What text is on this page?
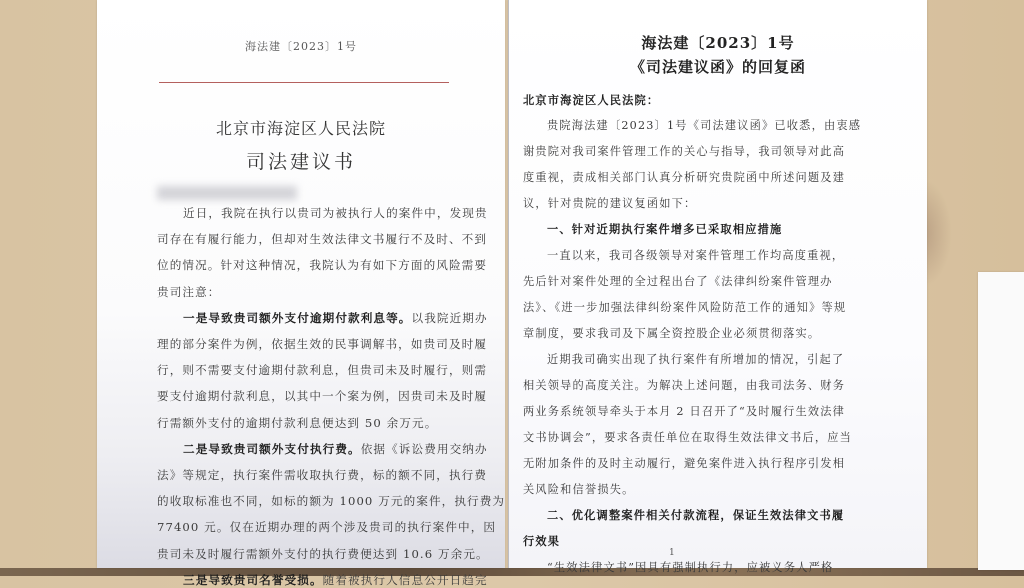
海法建〔2023〕1号
北京市海淀区人民法院
司法建议书
近日，我院在执行以贵司为被执行人的案件中，发现贵
司存在有履行能力，但却对生效法律文书履行不及时、不到
位的情况。针对这种情况，我院认为有如下方面的风险需要
贵司注意：
一是导致贵司额外支付逾期付款利息等。以我院近期办
理的部分案件为例，依据生效的民事调解书，如贵司及时履
行，则不需要支付逾期付款利息，但贵司未及时履行，则需
要支付逾期付款利息，以其中一个案为例，因贵司未及时履
行需额外支付的逾期付款利息便达到 50 余万元。
二是导致贵司额外支付执行费。依据《诉讼费用交纳办
法》等规定，执行案件需收取执行费，标的额不同，执行费
的收取标准也不同，如标的额为 1000 万元的案件，执行费为
77400 元。仅在近期办理的两个涉及贵司的执行案件中，因
贵司未及时履行需额外支付的执行费便达到 10.6 万余元。
三是导致贵司名誉受损。随着被执行人信息公开日趋完
海法建〔2023〕1号
《司法建议函》的回复函
北京市海淀区人民法院：
贵院海法建〔2023〕1号《司法建议函》已收悉，由衷感
谢贵院对我司案件管理工作的关心与指导，我司领导对此高
度重视，责成相关部门认真分析研究贵院函中所述问题及建
议，针对贵院的建议复函如下：
一、针对近期执行案件增多已采取相应措施
一直以来，我司各级领导对案件管理工作均高度重视，
先后针对案件处理的全过程出台了《法律纠纷案件管理办
法》、《进一步加强法律纠纷案件风险防范工作的通知》等规
章制度，要求我司及下属全资控股企业必须贯彻落实。
近期我司确实出现了执行案件有所增加的情况，引起了
相关领导的高度关注。为解决上述问题，由我司法务、财务
两业务系统领导牵头于本月 2 日召开了“及时履行生效法律
文书协调会”，要求各责任单位在取得生效法律文书后，应当
无附加条件的及时主动履行，避免案件进入执行程序引发相
关风险和信誉损失。
二、优化调整案件相关付款流程，保证生效法律文书履
行效果
“生效法律文书”因具有强制执行力，应被义务人严格
1
